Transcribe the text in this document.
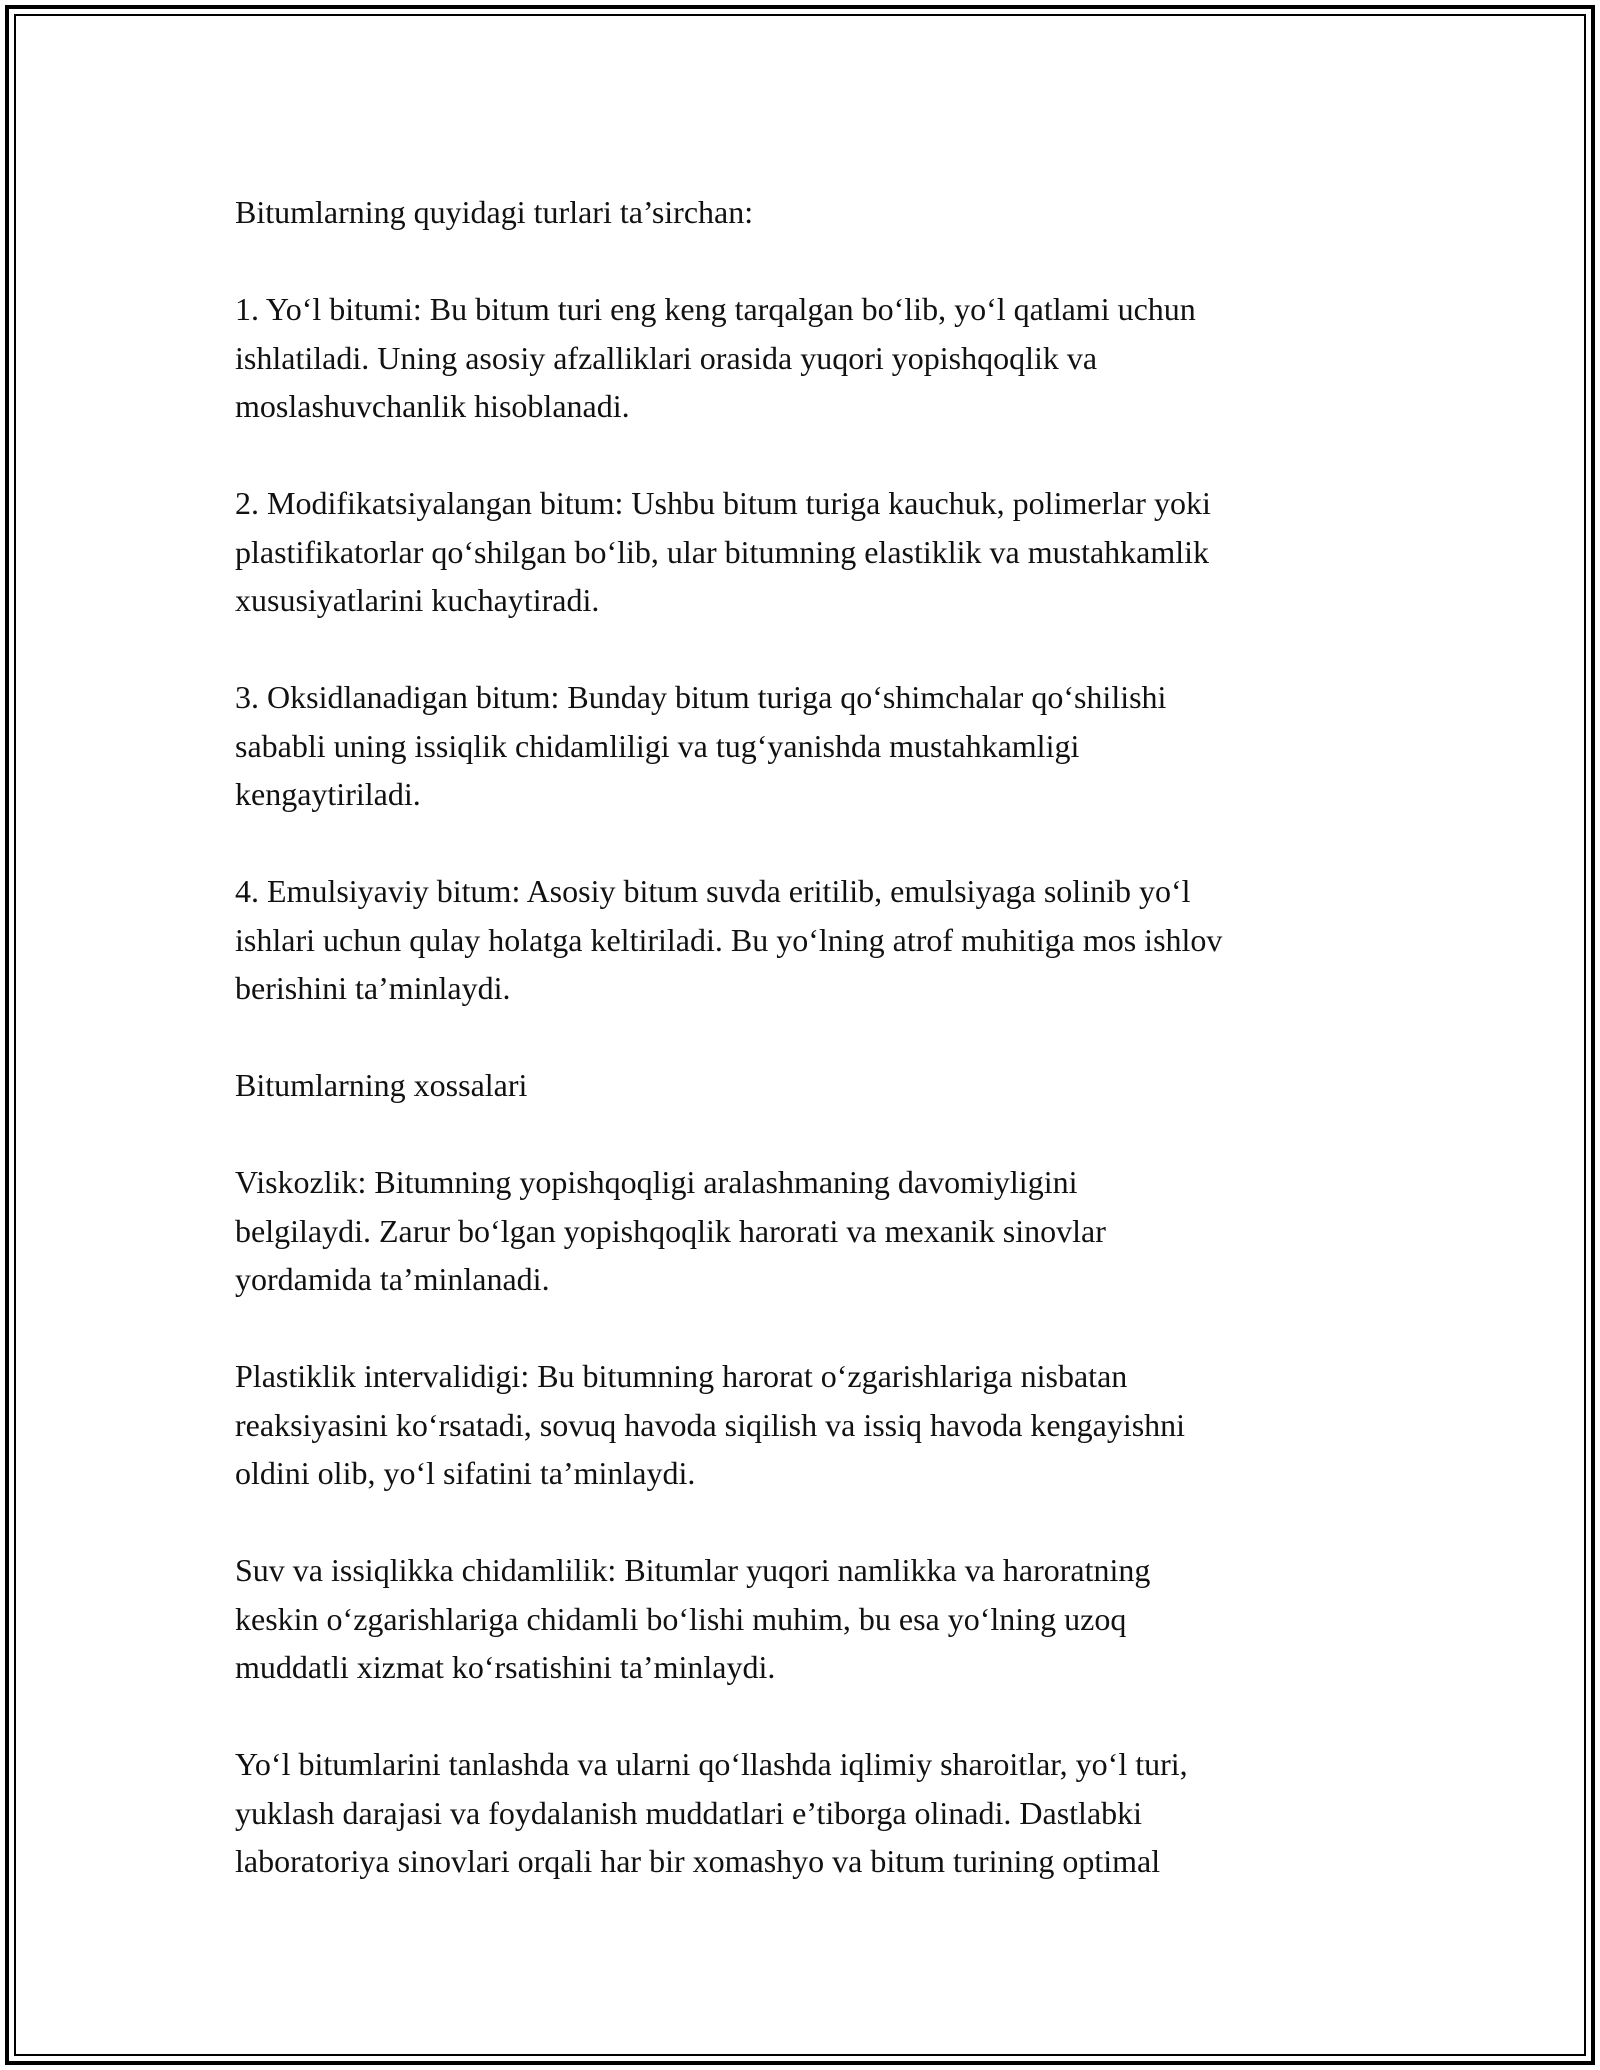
Bitumlarning quyidagi turlari ta’sirchan:

1. Yo‘l bitumi: Bu bitum turi eng keng tarqalgan bo‘lib, yo‘l qatlami uchun
ishlatiladi. Uning asosiy afzalliklari orasida yuqori yopishqoqlik va
moslashuvchanlik hisoblanadi.

2. Modifikatsiyalangan bitum: Ushbu bitum turiga kauchuk, polimerlar yoki
plastifikatorlar qo‘shilgan bo‘lib, ular bitumning elastiklik va mustahkamlik
xususiyatlarini kuchaytiradi.

3. Oksidlanadigan bitum: Bunday bitum turiga qo‘shimchalar qo‘shilishi
sababli uning issiqlik chidamliligi va tug‘yanishda mustahkamligi
kengaytiriladi.

4. Emulsiyaviy bitum: Asosiy bitum suvda eritilib, emulsiyaga solinib yo‘l
ishlari uchun qulay holatga keltiriladi. Bu yo‘lning atrof muhitiga mos ishlov
berishini ta’minlaydi.

Bitumlarning xossalari

Viskozlik: Bitumning yopishqoqligi aralashmaning davomiyligini
belgilaydi. Zarur bo‘lgan yopishqoqlik harorati va mexanik sinovlar
yordamida ta’minlanadi.

Plastiklik intervalidigi: Bu bitumning harorat o‘zgarishlariga nisbatan
reaksiyasini ko‘rsatadi, sovuq havoda siqilish va issiq havoda kengayishni
oldini olib, yo‘l sifatini ta’minlaydi.

Suv va issiqlikka chidamlilik: Bitumlar yuqori namlikka va haroratning
keskin o‘zgarishlariga chidamli bo‘lishi muhim, bu esa yo‘lning uzoq
muddatli xizmat ko‘rsatishini ta’minlaydi.

Yo‘l bitumlarini tanlashda va ularni qo‘llashda iqlimiy sharoitlar, yo‘l turi,
yuklash darajasi va foydalanish muddatlari e’tiborga olinadi. Dastlabki
laboratoriya sinovlari orqali har bir xomashyo va bitum turining optimal
